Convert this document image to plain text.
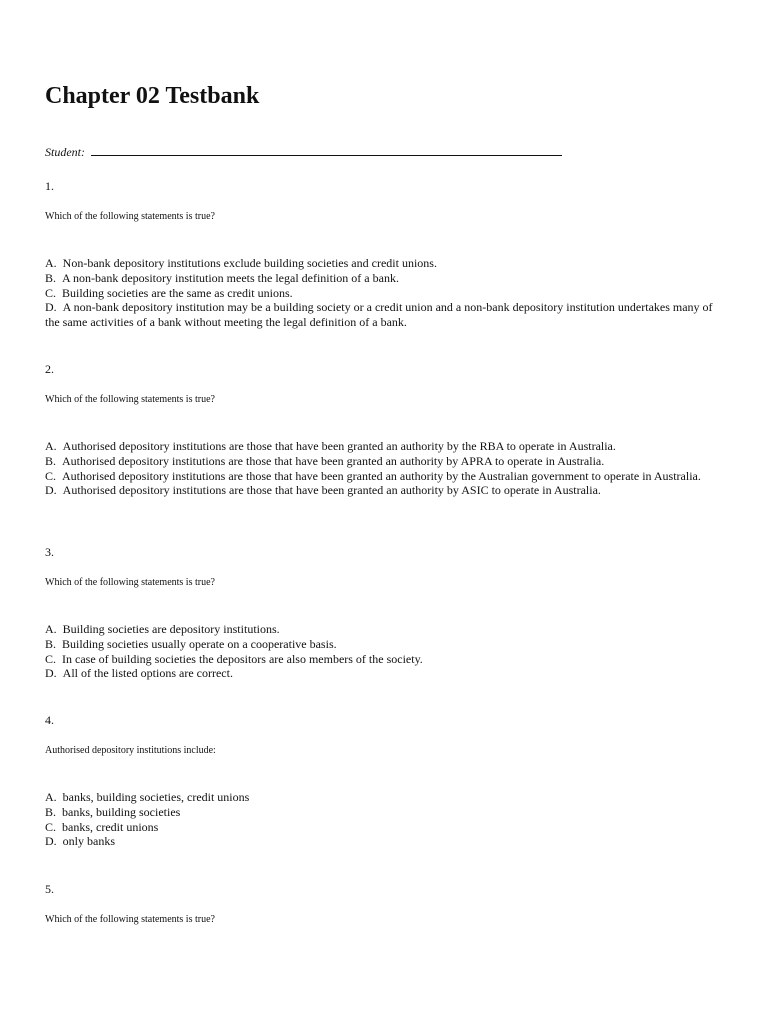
Chapter 02 Testbank
Student:
1.
Which of the following statements is true?
A. Non-bank depository institutions exclude building societies and credit unions.
B. A non-bank depository institution meets the legal definition of a bank.
C. Building societies are the same as credit unions.
D. A non-bank depository institution may be a building society or a credit union and a non-bank depository institution undertakes many of the same activities of a bank without meeting the legal definition of a bank.
2.
Which of the following statements is true?
A. Authorised depository institutions are those that have been granted an authority by the RBA to operate in Australia.
B. Authorised depository institutions are those that have been granted an authority by APRA to operate in Australia.
C. Authorised depository institutions are those that have been granted an authority by the Australian government to operate in Australia.
D. Authorised depository institutions are those that have been granted an authority by ASIC to operate in Australia.
3.
Which of the following statements is true?
A. Building societies are depository institutions.
B. Building societies usually operate on a cooperative basis.
C. In case of building societies the depositors are also members of the society.
D. All of the listed options are correct.
4.
Authorised depository institutions include:
A. banks, building societies, credit unions
B. banks, building societies
C. banks, credit unions
D. only banks
5.
Which of the following statements is true?
